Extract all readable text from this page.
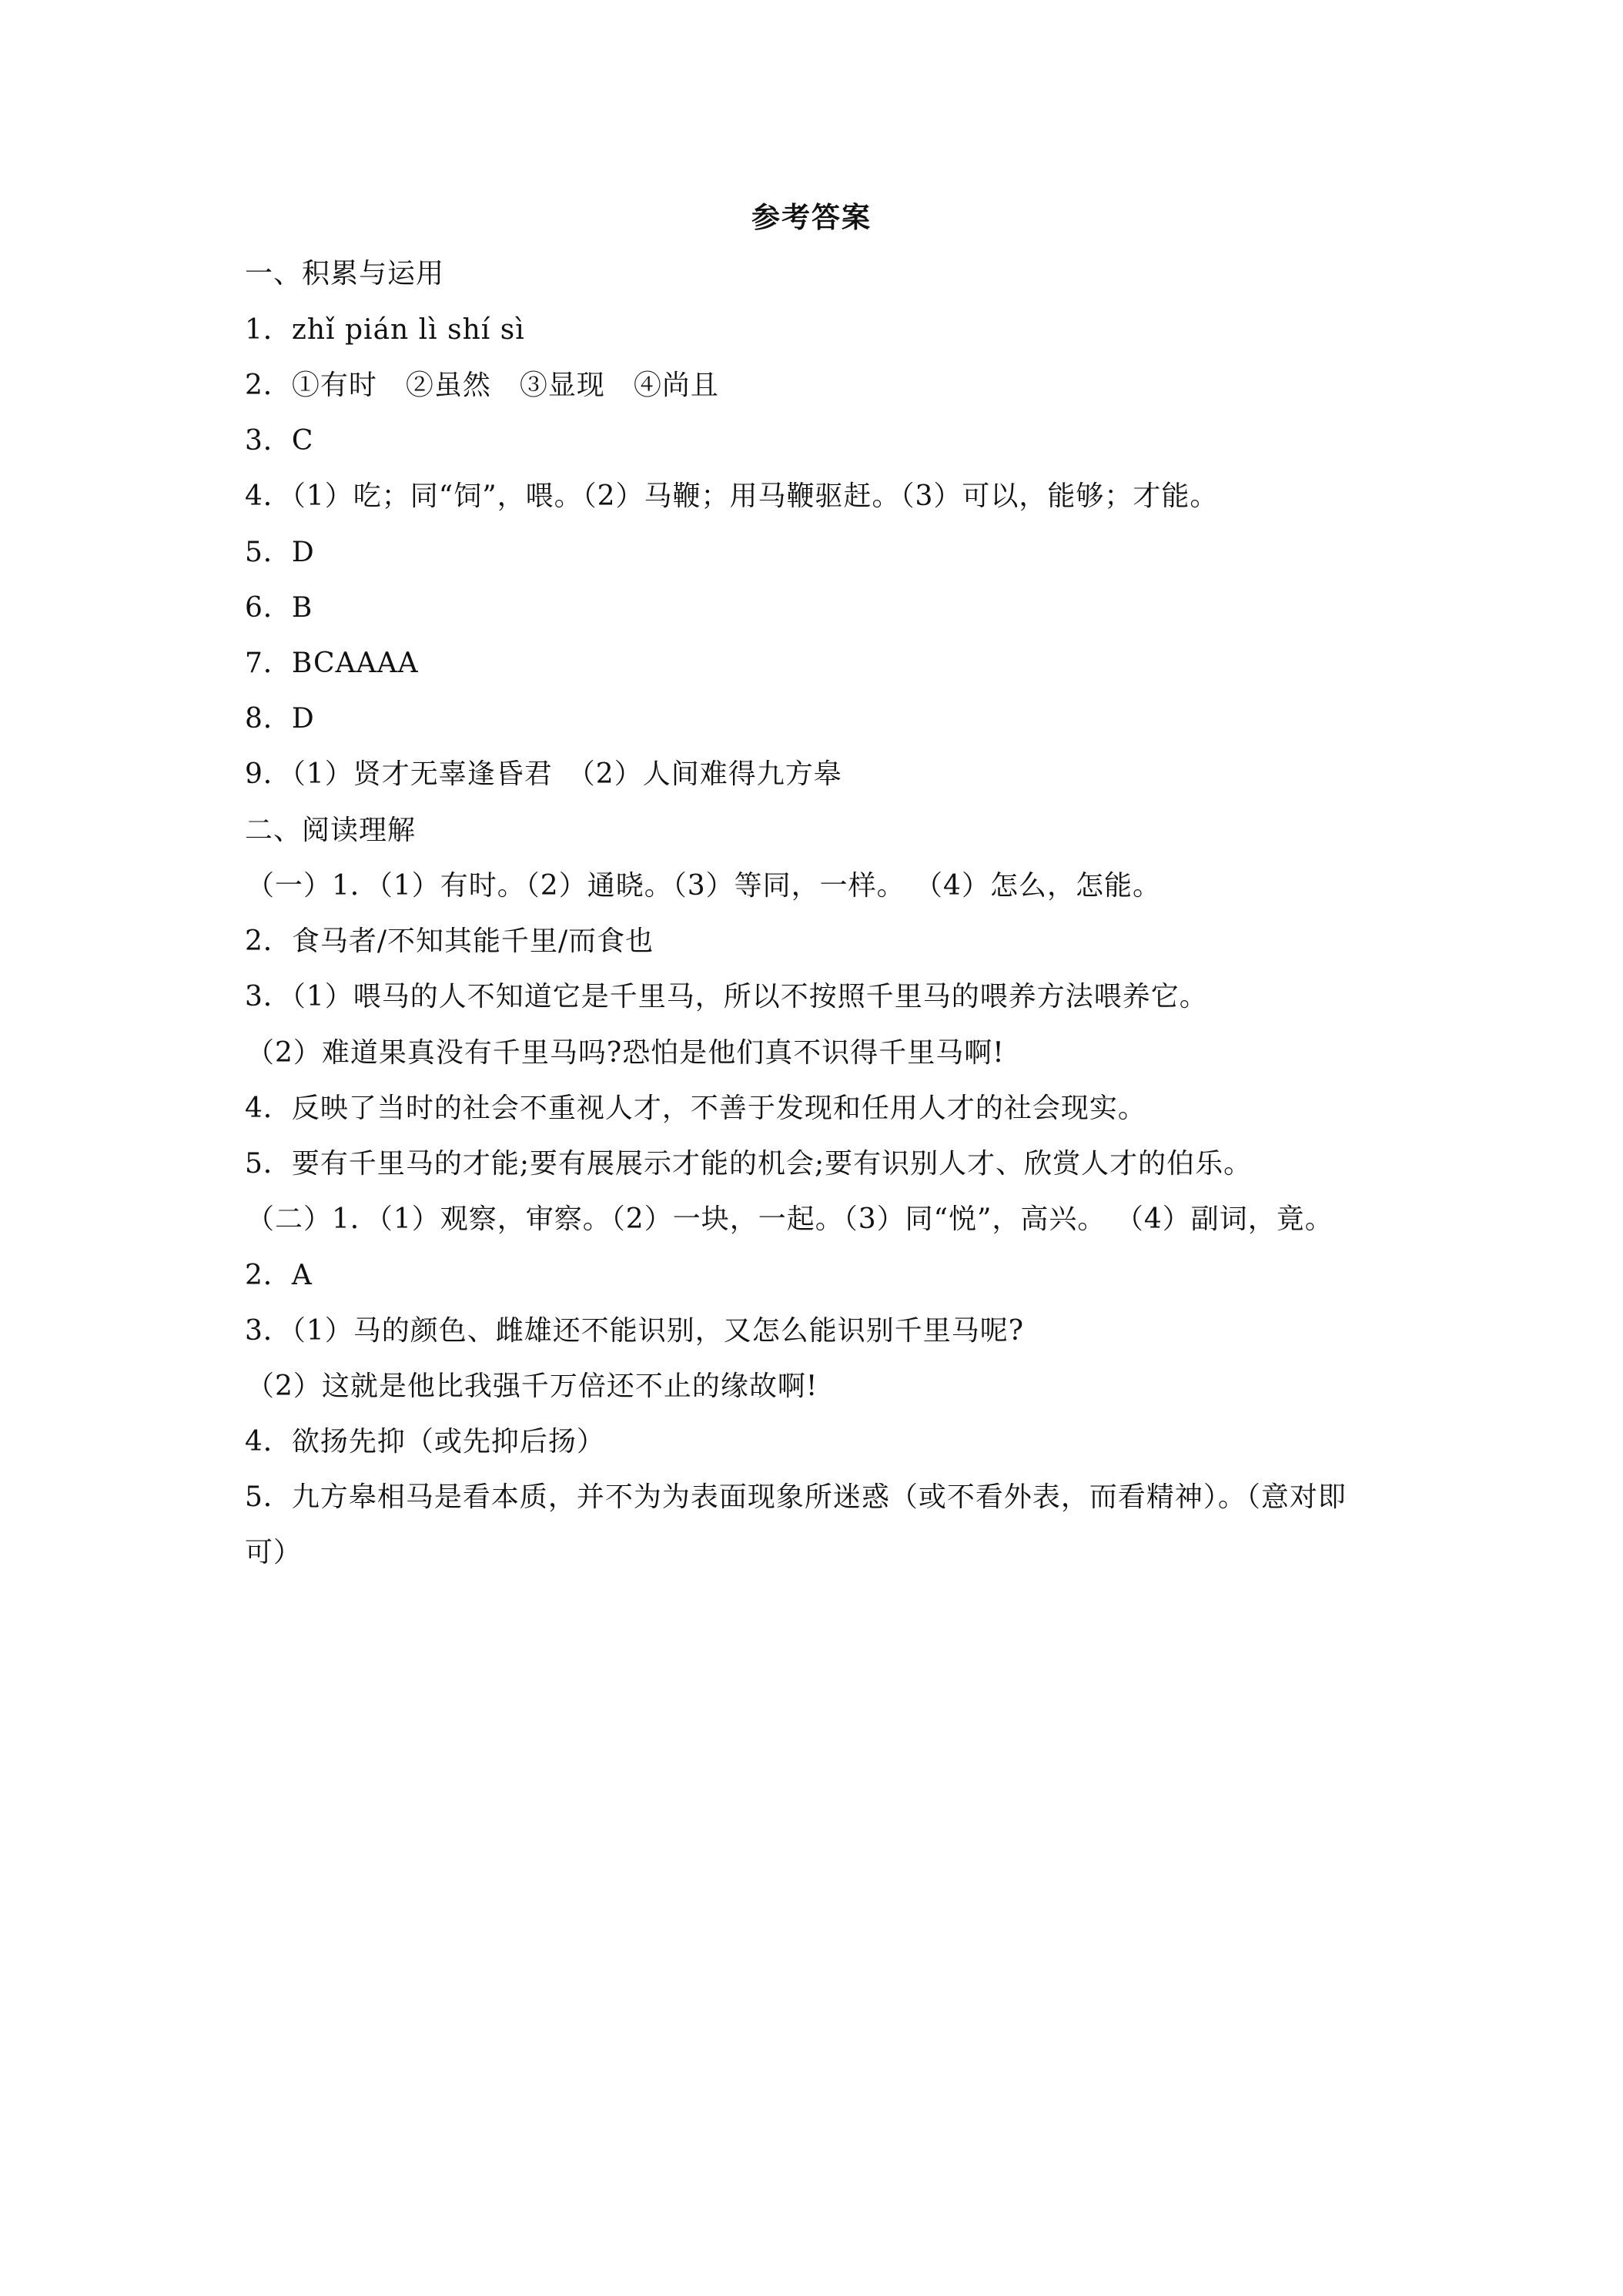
参考答案
一、积累与运用
1．zhǐ pián lì shí sì
2．①有时　②虽然　③显现　④尚且
3．C
4．（1）吃；同“饲”，喂。（2）马鞭；用马鞭驱赶。（3）可以，能够；才能。
5．D
6．B
7．BCAAAA
8．D
9．（1）贤才无辜逢昏君　（2）人间难得九方皋
二、阅读理解
（一）1．（1）有时。（2）通晓。（3）等同，一样。 （4）怎么，怎能。
2．食马者/不知其能千里/而食也
3．（1）喂马的人不知道它是千里马，所以不按照千里马的喂养方法喂养它。
（2）难道果真没有千里马吗?恐怕是他们真不识得千里马啊!
4．反映了当时的社会不重视人才，不善于发现和任用人才的社会现实。
5．要有千里马的才能;要有展展示才能的机会;要有识别人才、欣赏人才的伯乐。
（二）1．（1）观察，审察。（2）一块，一起。（3）同“悦”，高兴。 （4）副词，竟。
2．A
3．（1）马的颜色、雌雄还不能识别，又怎么能识别千里马呢?
（2）这就是他比我强千万倍还不止的缘故啊!
4．欲扬先抑（或先抑后扬）
5．九方皋相马是看本质，并不为为表面现象所迷惑（或不看外表，而看精神）。（意对即可）
